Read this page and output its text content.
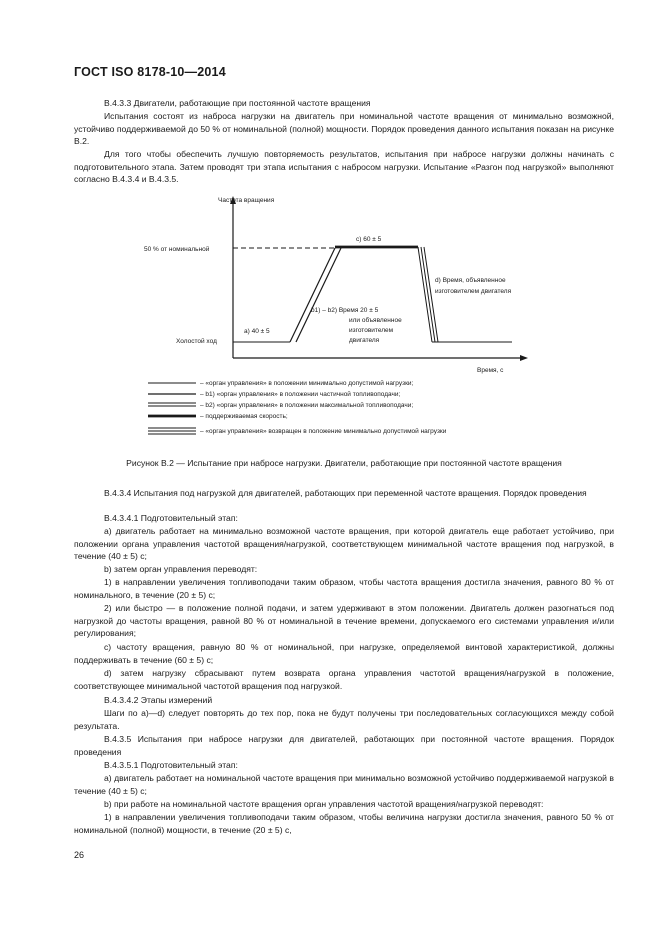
ГОСТ ISO 8178-10—2014
В.4.3.3 Двигатели, работающие при постоянной частоте вращения
Испытания состоят из наброса нагрузки на двигатель при номинальной частоте вращения от минимально возможной, устойчиво поддерживаемой до 50 % от номинальной (полной) мощности. Порядок проведения данного испытания показан на рисунке В.2.
Для того чтобы обеспечить лучшую повторяемость результатов, испытания при набросе нагрузки должны начинать с подготовительного этапа. Затем проводят три этапа испытания с набросом нагрузки. Испытание «Разгон под нагрузкой» выполняют согласно В.4.3.4 и В.4.3.5.
Частота вращения
50 % от номинальной
Холостой ход
a) 40 ± 5
b1) – b2) Время 20 ± 5
или объявленное
изготовителем
двигателя
c) 60 ± 5
d) Время, объявленное
изготовителем двигателя
Время, с
– «орган управления» в положении минимально допустимой нагрузки;
– b1) «орган управления» в положении частичной топливоподачи;
– b2) «орган управления» в положении максимальной топливоподачи;
– поддерживаемая скорость;
– «орган управления» возвращен в положение минимально допустимой нагрузки
Рисунок В.2 — Испытание при набросе нагрузки. Двигатели, работающие при постоянной частоте вращения
В.4.3.4 Испытания под нагрузкой для двигателей, работающих при переменной частоте вращения. Порядок проведения
В.4.3.4.1 Подготовительный этап:
а) двигатель работает на минимально возможной частоте вращения, при которой двигатель еще работает устойчиво, при положении органа управления частотой вращения/нагрузкой, соответствующем минимальной частоте вращения под нагрузкой, в течение (40 ± 5) с;
b) затем орган управления переводят:
1) в направлении увеличения топливоподачи таким образом, чтобы частота вращения достигла значения, равного 80 % от номинального, в течение (20 ± 5) с;
2) или быстро — в положение полной подачи, и затем удерживают в этом положении. Двигатель должен разогнаться под нагрузкой до частоты вращения, равной 80 % от номинальной в течение времени, допускаемого его системами управления и/или регулирования;
c) частоту вращения, равную 80 % от номинальной, при нагрузке, определяемой винтовой характеристикой, должны поддерживать в течение (60 ± 5) с;
d) затем нагрузку сбрасывают путем возврата органа управления частотой вращения/нагрузкой в положение, соответствующее минимальной частотой вращения под нагрузкой.
В.4.3.4.2 Этапы измерений
Шаги по а)—d) следует повторять до тех пор, пока не будут получены три последовательных согласующихся между собой результата.
В.4.3.5 Испытания при набросе нагрузки для двигателей, работающих при постоянной частоте вращения. Порядок проведения
В.4.3.5.1 Подготовительный этап:
а) двигатель работает на номинальной частоте вращения при минимально возможной устойчиво поддерживаемой нагрузкой в течение (40 ± 5) с;
b) при работе на номинальной частоте вращения орган управления частотой вращения/нагрузкой переводят:
1) в направлении увеличения топливоподачи таким образом, чтобы величина нагрузки достигла значения, равного 50 % от номинальной (полной) мощности, в течение (20 ± 5) с,
26
